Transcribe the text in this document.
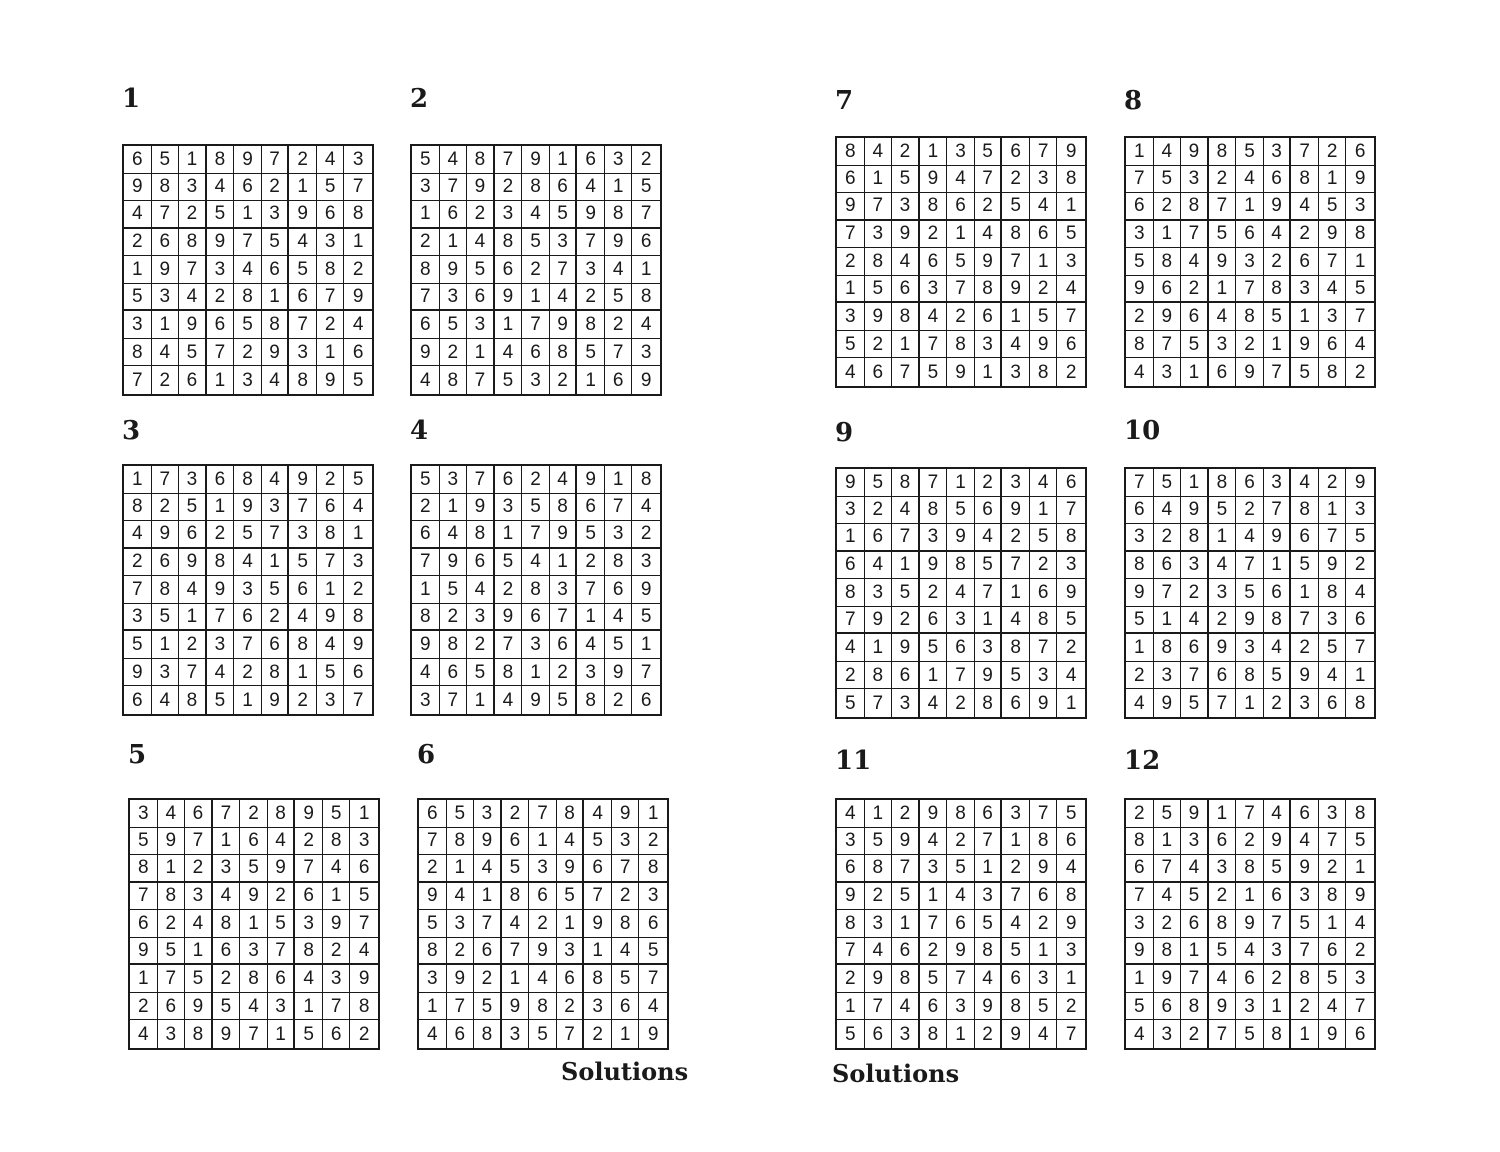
1
6 5 1 8 9 7 2 4 3
9 8 3 4 6 2 1 5 7
4 7 2 5 1 3 9 6 8
2 6 8 9 7 5 4 3 1
1 9 7 3 4 6 5 8 2
5 3 4 2 8 1 6 7 9
3 1 9 6 5 8 7 2 4
8 4 5 7 2 9 3 1 6
7 2 6 1 3 4 8 9 5
2
5 4 8 7 9 1 6 3 2
3 7 9 2 8 6 4 1 5
1 6 2 3 4 5 9 8 7
2 1 4 8 5 3 7 9 6
8 9 5 6 2 7 3 4 1
7 3 6 9 1 4 2 5 8
6 5 3 1 7 9 8 2 4
9 2 1 4 6 8 5 7 3
4 8 7 5 3 2 1 6 9
3
1 7 3 6 8 4 9 2 5
8 2 5 1 9 3 7 6 4
4 9 6 2 5 7 3 8 1
2 6 9 8 4 1 5 7 3
7 8 4 9 3 5 6 1 2
3 5 1 7 6 2 4 9 8
5 1 2 3 7 6 8 4 9
9 3 7 4 2 8 1 5 6
6 4 8 5 1 9 2 3 7
4
5 3 7 6 2 4 9 1 8
2 1 9 3 5 8 6 7 4
6 4 8 1 7 9 5 3 2
7 9 6 5 4 1 2 8 3
1 5 4 2 8 3 7 6 9
8 2 3 9 6 7 1 4 5
9 8 2 7 3 6 4 5 1
4 6 5 8 1 2 3 9 7
3 7 1 4 9 5 8 2 6
5
3 4 6 7 2 8 9 5 1
5 9 7 1 6 4 2 8 3
8 1 2 3 5 9 7 4 6
7 8 3 4 9 2 6 1 5
6 2 4 8 1 5 3 9 7
9 5 1 6 3 7 8 2 4
1 7 5 2 8 6 4 3 9
2 6 9 5 4 3 1 7 8
4 3 8 9 7 1 5 6 2
6
6 5 3 2 7 8 4 9 1
7 8 9 6 1 4 5 3 2
2 1 4 5 3 9 6 7 8
9 4 1 8 6 5 7 2 3
5 3 7 4 2 1 9 8 6
8 2 6 7 9 3 1 4 5
3 9 2 1 4 6 8 5 7
1 7 5 9 8 2 3 6 4
4 6 8 3 5 7 2 1 9
7
8 4 2 1 3 5 6 7 9
6 1 5 9 4 7 2 3 8
9 7 3 8 6 2 5 4 1
7 3 9 2 1 4 8 6 5
2 8 4 6 5 9 7 1 3
1 5 6 3 7 8 9 2 4
3 9 8 4 2 6 1 5 7
5 2 1 7 8 3 4 9 6
4 6 7 5 9 1 3 8 2
8
1 4 9 8 5 3 7 2 6
7 5 3 2 4 6 8 1 9
6 2 8 7 1 9 4 5 3
3 1 7 5 6 4 2 9 8
5 8 4 9 3 2 6 7 1
9 6 2 1 7 8 3 4 5
2 9 6 4 8 5 1 3 7
8 7 5 3 2 1 9 6 4
4 3 1 6 9 7 5 8 2
9
9 5 8 7 1 2 3 4 6
3 2 4 8 5 6 9 1 7
1 6 7 3 9 4 2 5 8
6 4 1 9 8 5 7 2 3
8 3 5 2 4 7 1 6 9
7 9 2 6 3 1 4 8 5
4 1 9 5 6 3 8 7 2
2 8 6 1 7 9 5 3 4
5 7 3 4 2 8 6 9 1
10
7 5 1 8 6 3 4 2 9
6 4 9 5 2 7 8 1 3
3 2 8 1 4 9 6 7 5
8 6 3 4 7 1 5 9 2
9 7 2 3 5 6 1 8 4
5 1 4 2 9 8 7 3 6
1 8 6 9 3 4 2 5 7
2 3 7 6 8 5 9 4 1
4 9 5 7 1 2 3 6 8
11
4 1 2 9 8 6 3 7 5
3 5 9 4 2 7 1 8 6
6 8 7 3 5 1 2 9 4
9 2 5 1 4 3 7 6 8
8 3 1 7 6 5 4 2 9
7 4 6 2 9 8 5 1 3
2 9 8 5 7 4 6 3 1
1 7 4 6 3 9 8 5 2
5 6 3 8 1 2 9 4 7
12
2 5 9 1 7 4 6 3 8
8 1 3 6 2 9 4 7 5
6 7 4 3 8 5 9 2 1
7 4 5 2 1 6 3 8 9
3 2 6 8 9 7 5 1 4
9 8 1 5 4 3 7 6 2
1 9 7 4 6 2 8 5 3
5 6 8 9 3 1 2 4 7
4 3 2 7 5 8 1 9 6
Solutions	Solutions
